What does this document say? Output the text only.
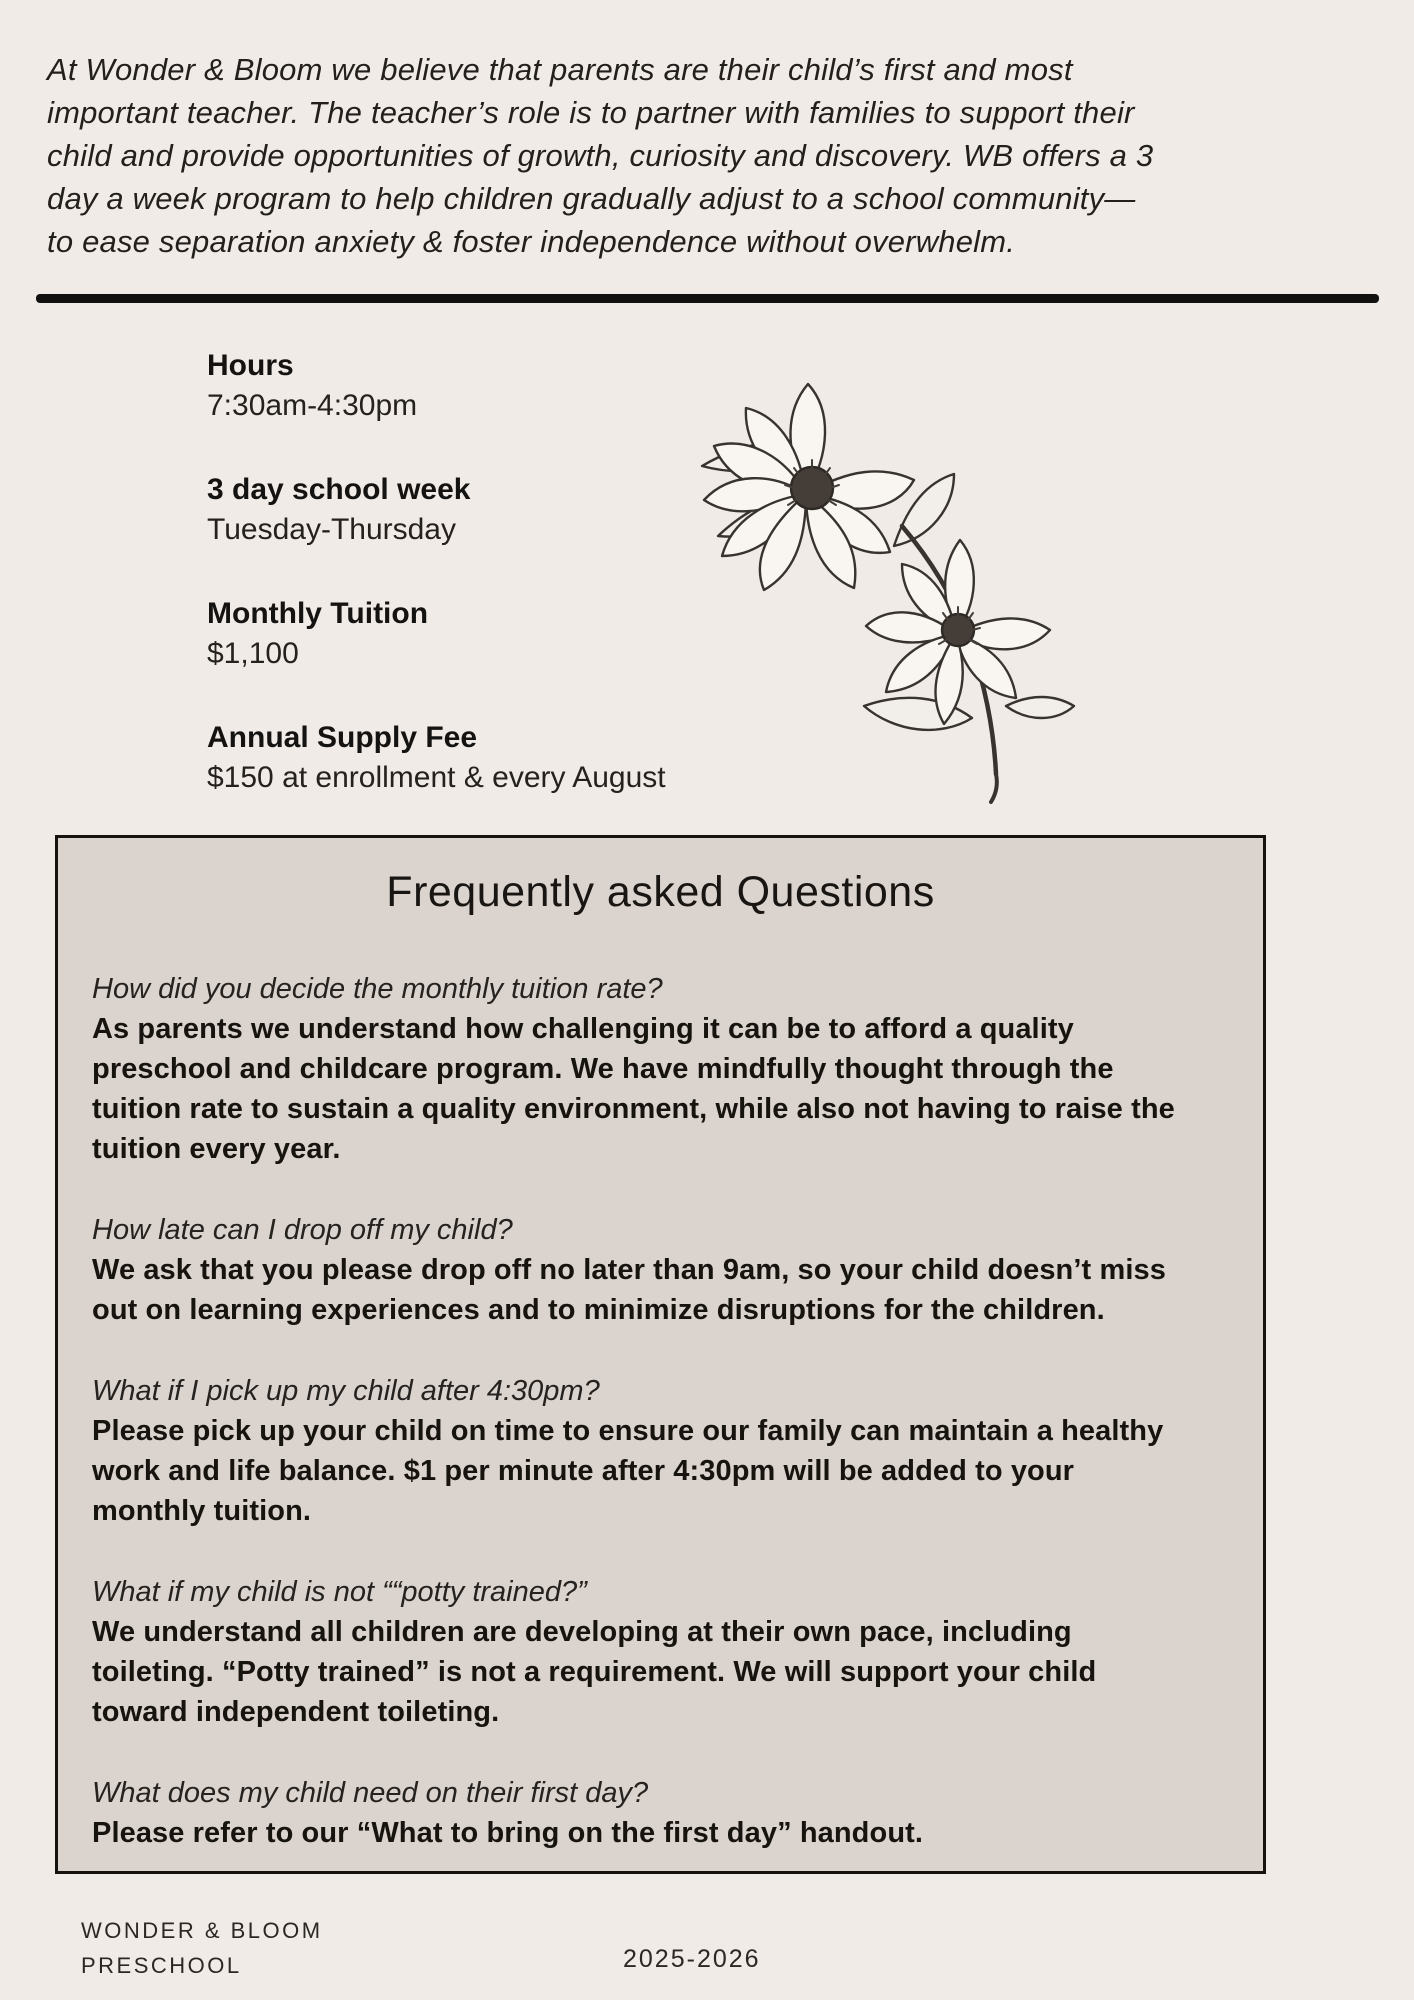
At Wonder & Bloom we believe that parents are their child’s first and most
important teacher. The teacher’s role is to partner with families to support their
child and provide opportunities of growth, curiosity and discovery. WB offers a 3
day a week program to help children gradually adjust to a school community—
to ease separation anxiety & foster independence without overwhelm.
Hours
7:30am-4:30pm
3 day school week
Tuesday-Thursday
Monthly Tuition
$1,100
Annual Supply Fee
$150 at enrollment & every August
Frequently asked Questions
How did you decide the monthly tuition rate?
As parents we understand how challenging it can be to afford a quality preschool and childcare program. We have mindfully thought through the tuition rate to sustain a quality environment, while also not having to raise the tuition every year.
How late can I drop off my child?
We ask that you please drop off no later than 9am, so your child doesn’t miss out on learning experiences and to minimize disruptions for the children.
What if I pick up my child after 4:30pm?
Please pick up your child on time to ensure our family can maintain a healthy work and life balance. $1 per minute after 4:30pm will be added to your monthly tuition.
What if my child is not ““potty trained?”
We understand all children are developing at their own pace, including toileting. “Potty trained” is not a requirement. We will support your child toward independent toileting.
What does my child need on their first day?
Please refer to our “What to bring on the first day” handout.
WONDER & BLOOM
PRESCHOOL	2025-2026
